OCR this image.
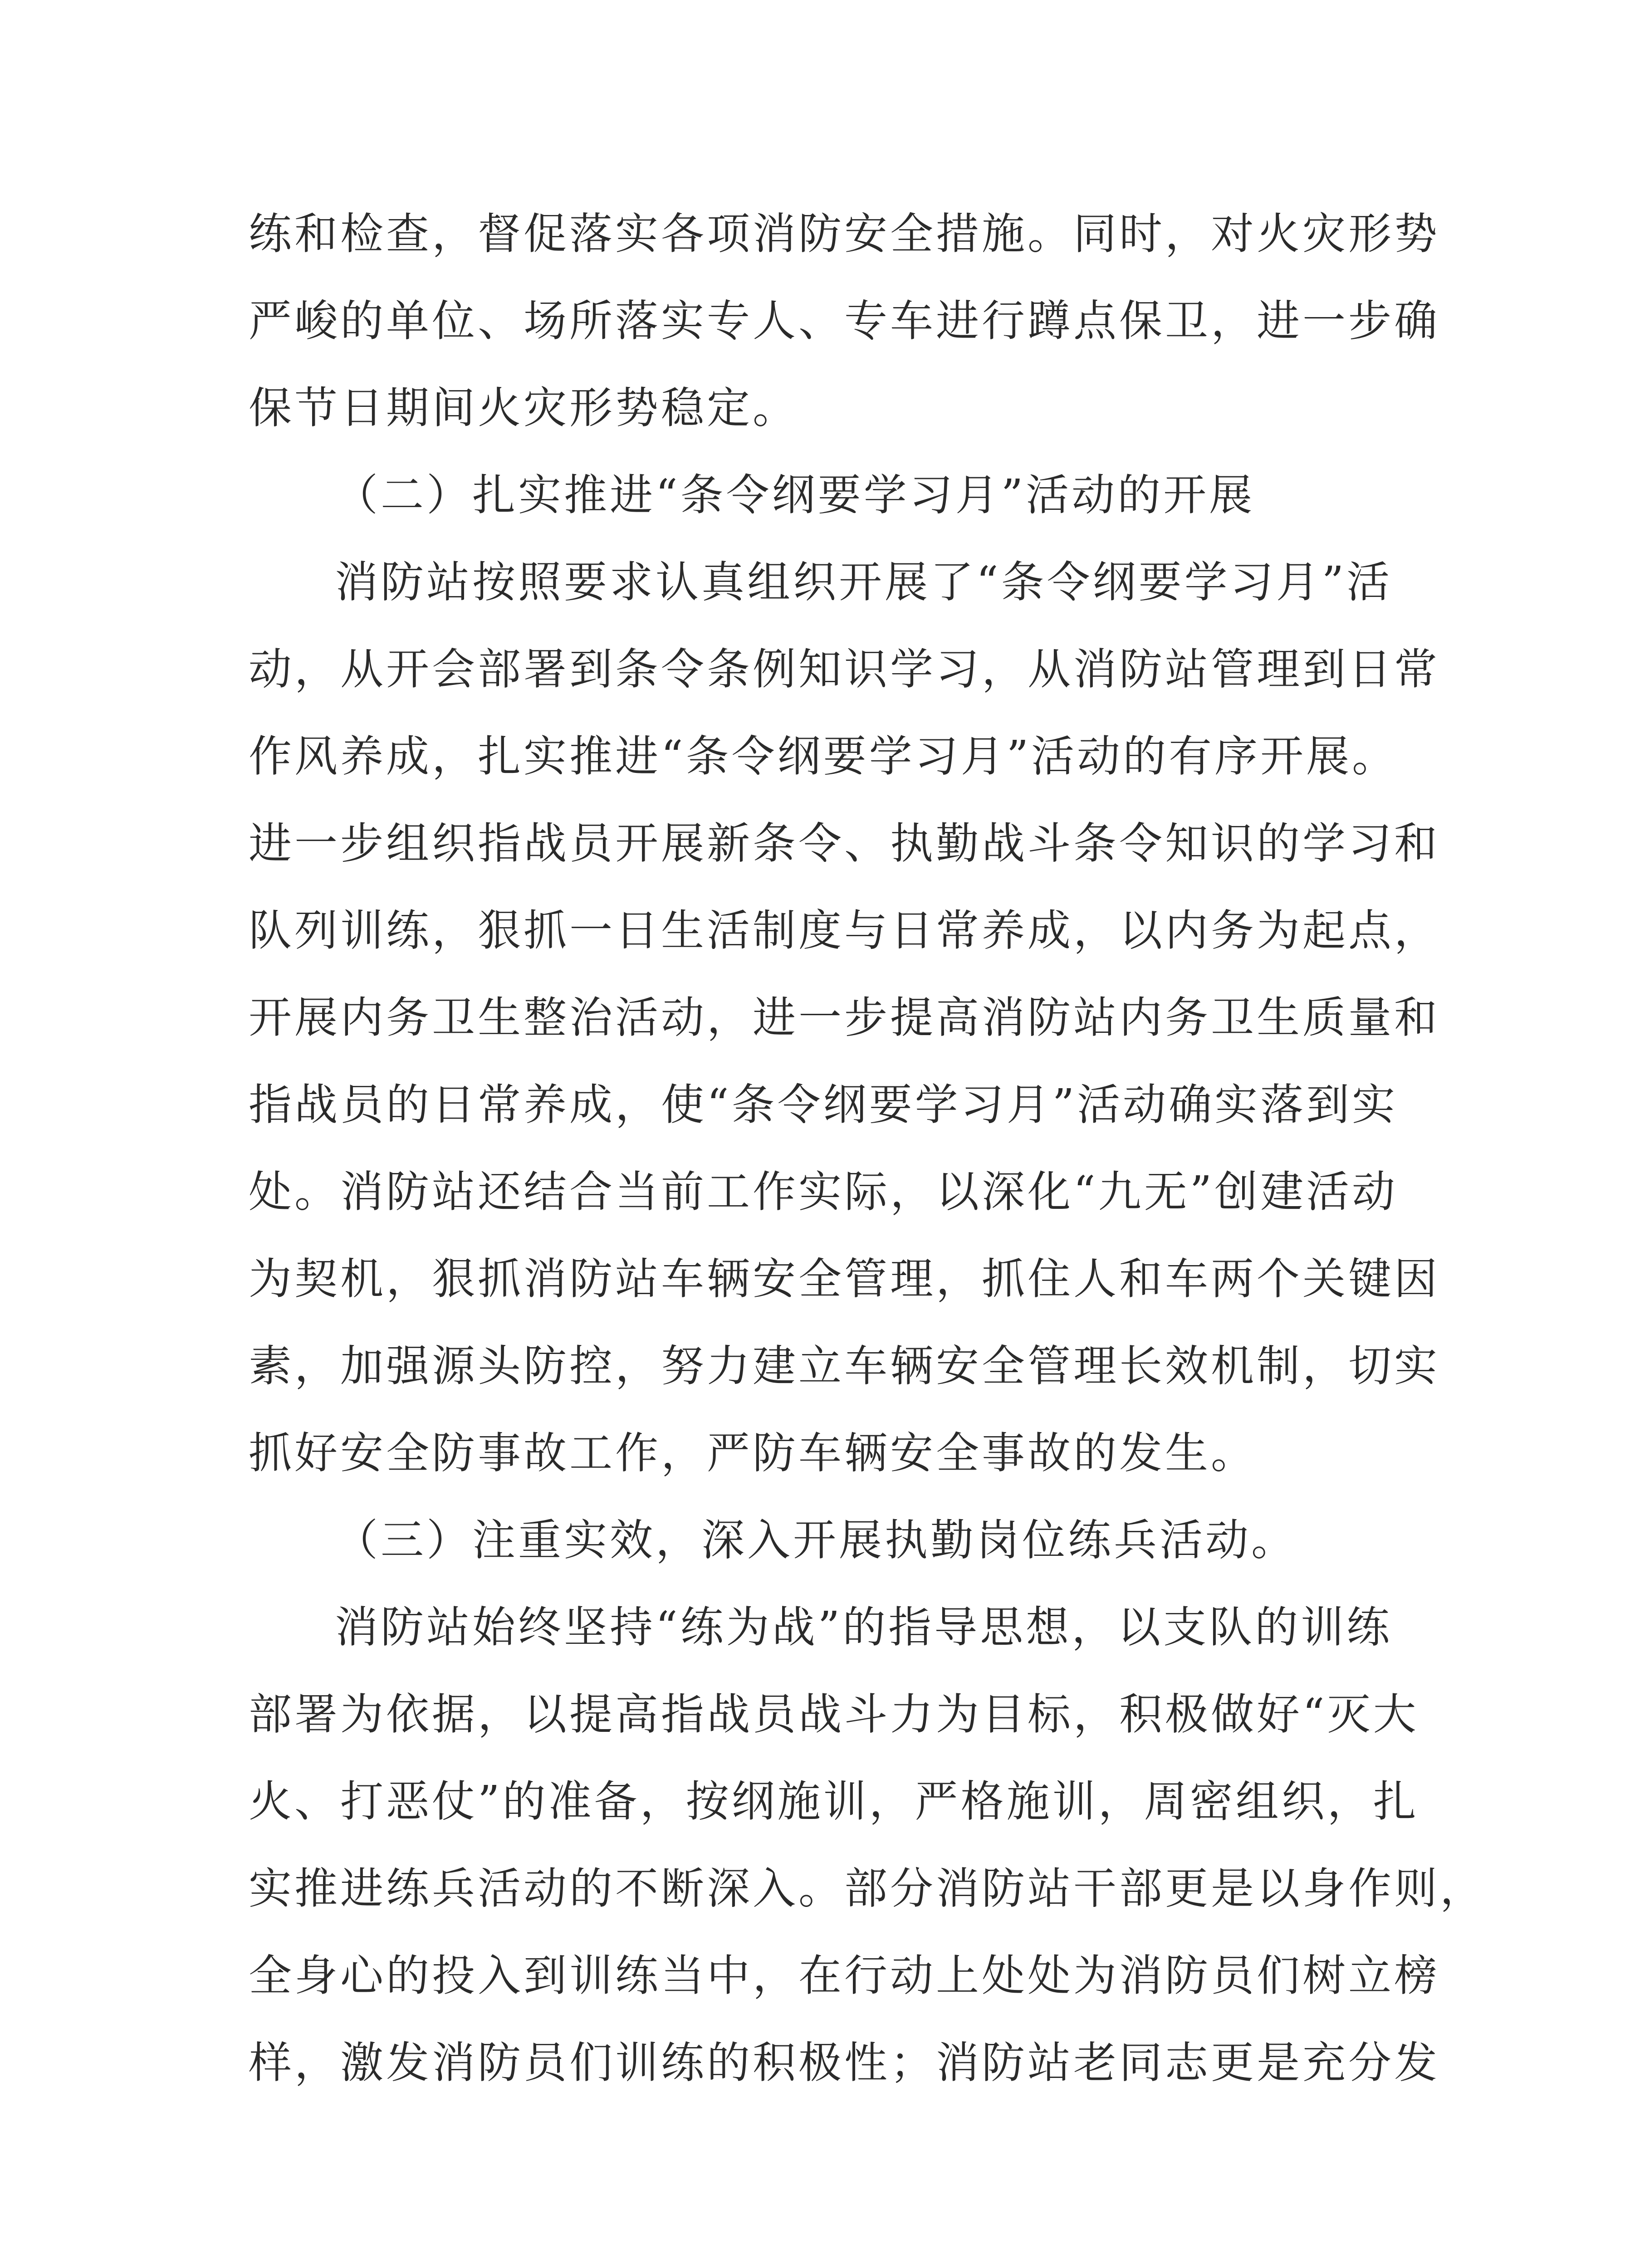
练和检查，督促落实各项消防安全措施。同时，对火灾形势
严峻的单位、场所落实专人、专车进行蹲点保卫，进一步确
保节日期间火灾形势稳定。
（二）扎实推进“条令纲要学习月”活动的开展
消防站按照要求认真组织开展了“条令纲要学习月”活
动，从开会部署到条令条例知识学习，从消防站管理到日常
作风养成，扎实推进“条令纲要学习月”活动的有序开展。
进一步组织指战员开展新条令、执勤战斗条令知识的学习和
队列训练，狠抓一日生活制度与日常养成，以内务为起点，
开展内务卫生整治活动，进一步提高消防站内务卫生质量和
指战员的日常养成，使“条令纲要学习月”活动确实落到实
处。消防站还结合当前工作实际，以深化“九无”创建活动
为契机，狠抓消防站车辆安全管理，抓住人和车两个关键因
素，加强源头防控，努力建立车辆安全管理长效机制，切实
抓好安全防事故工作，严防车辆安全事故的发生。
（三）注重实效，深入开展执勤岗位练兵活动。
消防站始终坚持“练为战”的指导思想，以支队的训练
部署为依据，以提高指战员战斗力为目标，积极做好“灭大
火、打恶仗”的准备，按纲施训，严格施训，周密组织，扎
实推进练兵活动的不断深入。部分消防站干部更是以身作则，
全身心的投入到训练当中，在行动上处处为消防员们树立榜
样，激发消防员们训练的积极性；消防站老同志更是充分发
